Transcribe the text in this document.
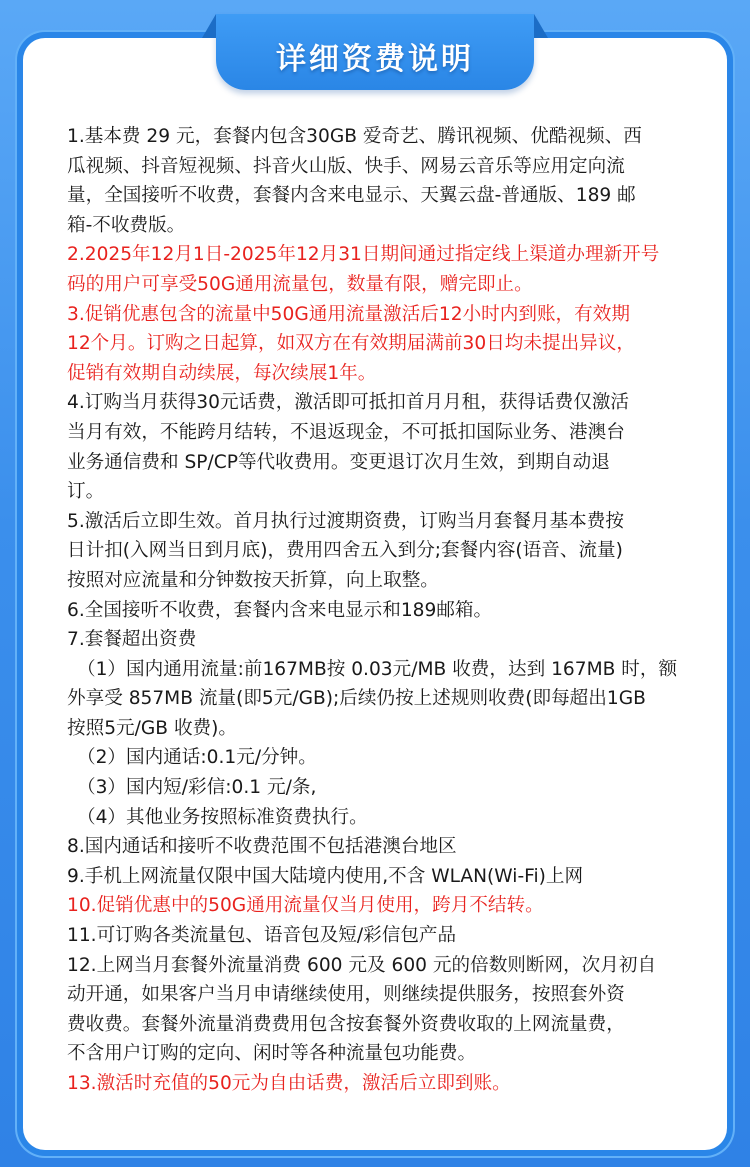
详细资费说明
1.基本费 29 元，套餐内包含30GB 爱奇艺、腾讯视频、优酷视频、西
瓜视频、抖音短视频、抖音火山版、快手、网易云音乐等应用定向流
量，全国接听不收费，套餐内含来电显示、天翼云盘-普通版、189 邮
箱-不收费版。
2.2025年12月1日-2025年12月31日期间通过指定线上渠道办理新开号
码的用户可享受50G通用流量包，数量有限，赠完即止。
3.促销优惠包含的流量中50G通用流量激活后12小时内到账，有效期
12个月。订购之日起算，如双方在有效期届满前30日均未提出异议，
促销有效期自动续展，每次续展1年。
4.订购当月获得30元话费，激活即可抵扣首月月租，获得话费仅激活
当月有效，不能跨月结转，不退返现金，不可抵扣国际业务、港澳台
业务通信费和 SP/CP等代收费用。变更退订次月生效，到期自动退
订。
5.激活后立即生效。首月执行过渡期资费，订购当月套餐月基本费按
日计扣(入网当日到月底)，费用四舍五入到分;套餐内容(语音、流量)
按照对应流量和分钟数按天折算，向上取整。
6.全国接听不收费，套餐内含来电显示和189邮箱。
7.套餐超出资费
（1）国内通用流量:前167MB按 0.03元/MB 收费，达到 167MB 时，额
外享受 857MB 流量(即5元/GB);后续仍按上述规则收费(即每超出1GB
按照5元/GB 收费)。
（2）国内通话:0.1元/分钟。
（3）国内短/彩信:0.1 元/条,
（4）其他业务按照标准资费执行。
8.国内通话和接听不收费范围不包括港澳台地区
9.手机上网流量仅限中国大陆境内使用,不含 WLAN(Wi-Fi)上网
10.促销优惠中的50G通用流量仅当月使用，跨月不结转。
11.可订购各类流量包、语音包及短/彩信包产品
12.上网当月套餐外流量消费 600 元及 600 元的倍数则断网，次月初自
动开通，如果客户当月申请继续使用，则继续提供服务，按照套外资
费收费。套餐外流量消费费用包含按套餐外资费收取的上网流量费，
不含用户订购的定向、闲时等各种流量包功能费。
13.激活时充值的50元为自由话费，激活后立即到账。
